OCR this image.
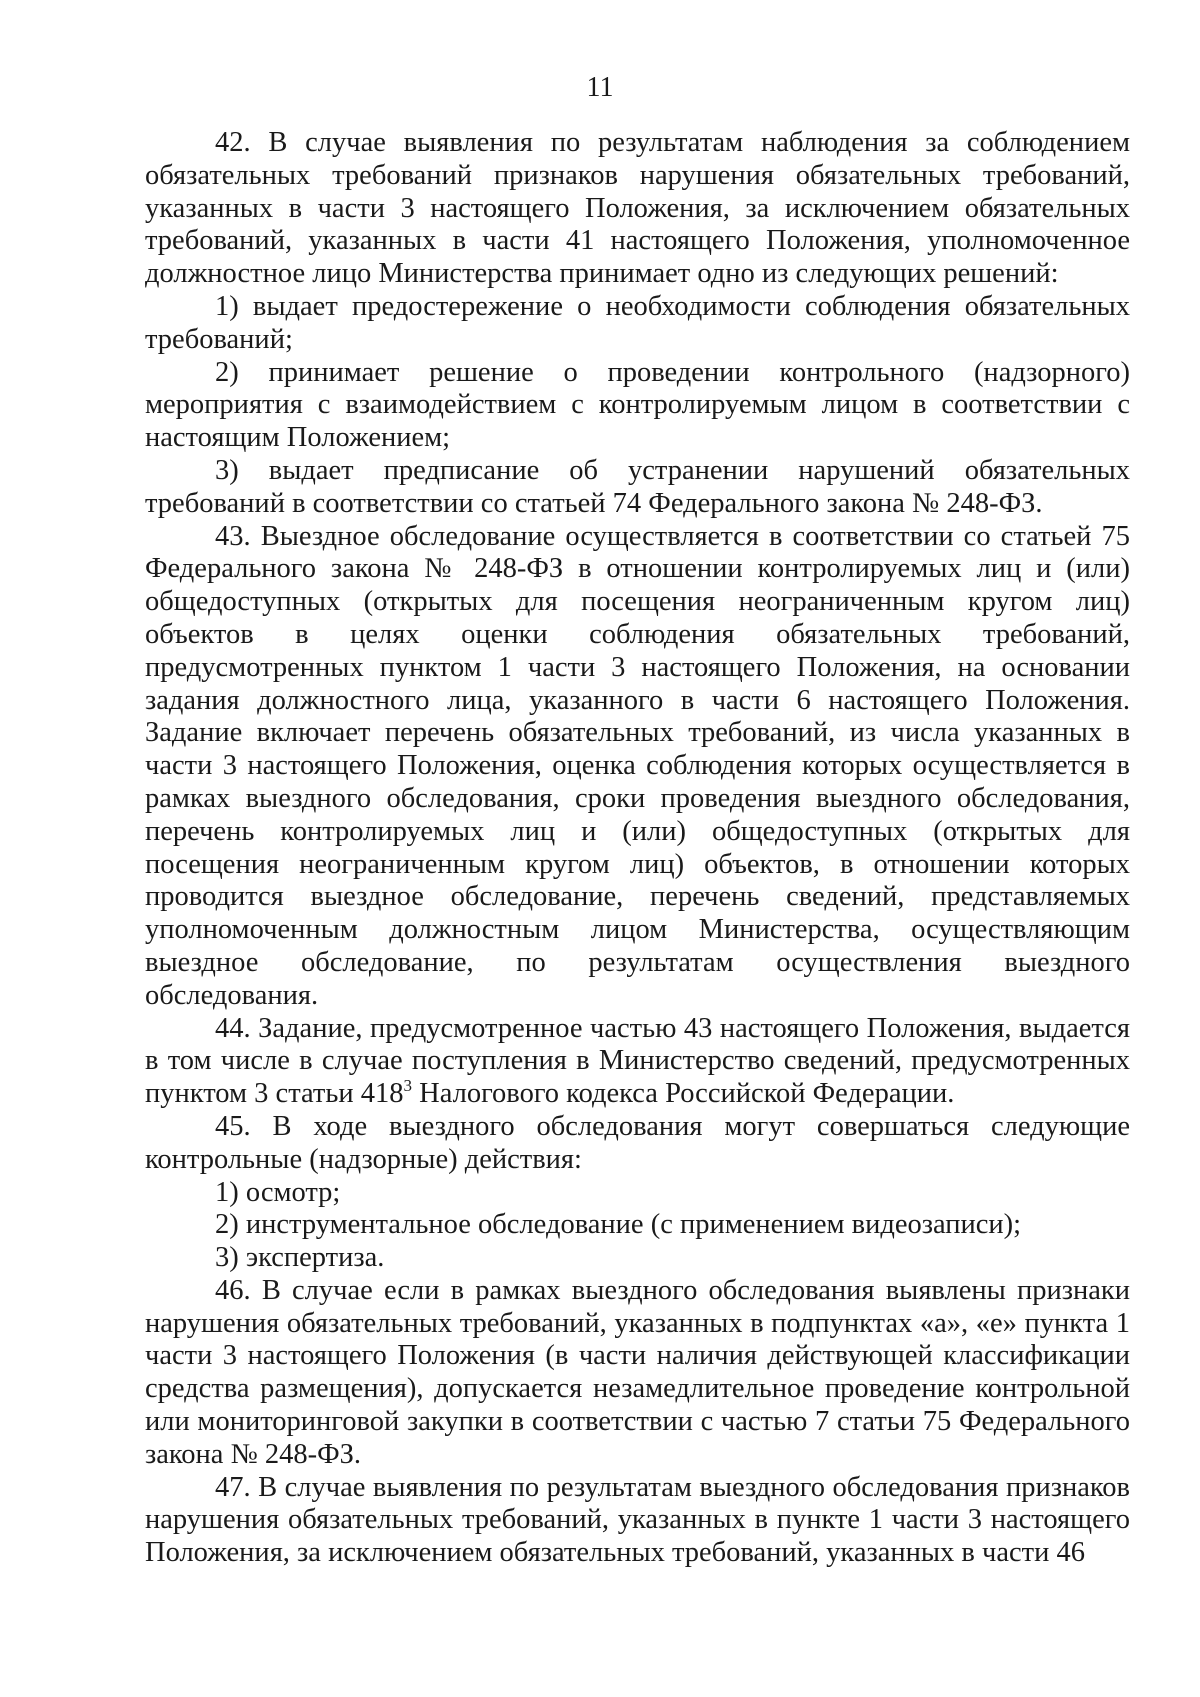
11

42. В случае выявления по результатам наблюдения за соблюдением обязательных требований признаков нарушения обязательных требований, указанных в части 3 настоящего Положения, за исключением обязательных требований, указанных в части 41 настоящего Положения, уполномоченное должностное лицо Министерства принимает одно из следующих решений:

1) выдает предостережение о необходимости соблюдения обязательных требований;

2) принимает решение о проведении контрольного (надзорного) мероприятия с взаимодействием с контролируемым лицом в соответствии с настоящим Положением;

3) выдает предписание об устранении нарушений обязательных требований в соответствии со статьей 74 Федерального закона № 248-ФЗ.

43. Выездное обследование осуществляется в соответствии со статьей 75 Федерального закона № 248-ФЗ в отношении контролируемых лиц и (или) общедоступных (открытых для посещения неограниченным кругом лиц) объектов в целях оценки соблюдения обязательных требований, предусмотренных пунктом 1 части 3 настоящего Положения, на основании задания должностного лица, указанного в части 6 настоящего Положения. Задание включает перечень обязательных требований, из числа указанных в части 3 настоящего Положения, оценка соблюдения которых осуществляется в рамках выездного обследования, сроки проведения выездного обследования, перечень контролируемых лиц и (или) общедоступных (открытых для посещения неограниченным кругом лиц) объектов, в отношении которых проводится выездное обследование, перечень сведений, представляемых уполномоченным должностным лицом Министерства, осуществляющим выездное обследование, по результатам осуществления выездного обследования.

44. Задание, предусмотренное частью 43 настоящего Положения, выдается в том числе в случае поступления в Министерство сведений, предусмотренных пунктом 3 статьи $418^3$ Налогового кодекса Российской Федерации.

45. В ходе выездного обследования могут совершаться следующие контрольные (надзорные) действия:

1) осмотр;

2) инструментальное обследование (с применением видеозаписи);

3) экспертиза.

46. В случае если в рамках выездного обследования выявлены признаки нарушения обязательных требований, указанных в подпунктах «а», «е» пункта 1 части 3 настоящего Положения (в части наличия действующей классификации средства размещения), допускается незамедлительное проведение контрольной или мониторинговой закупки в соответствии с частью 7 статьи 75 Федерального закона № 248-ФЗ.

47. В случае выявления по результатам выездного обследования признаков нарушения обязательных требований, указанных в пункте 1 части 3 настоящего Положения, за исключением обязательных требований, указанных в части 46
